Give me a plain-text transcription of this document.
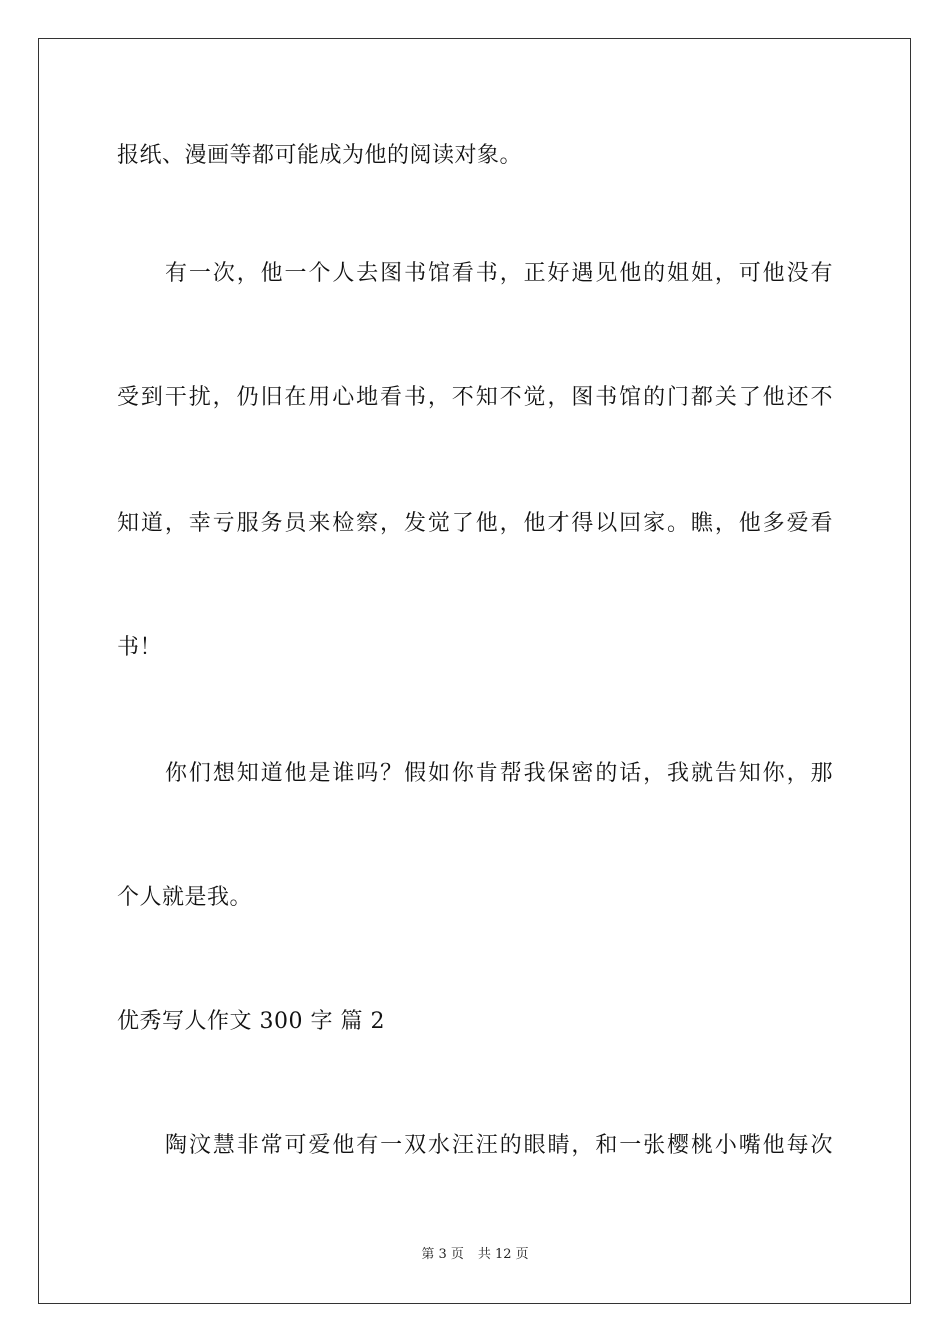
报纸、漫画等都可能成为他的阅读对象。
有一次，他一个人去图书馆看书，正好遇见他的姐姐，可他没有
受到干扰，仍旧在用心地看书，不知不觉，图书馆的门都关了他还不
知道，幸亏服务员来检察，发觉了他，他才得以回家。瞧，他多爱看
书！
你们想知道他是谁吗？假如你肯帮我保密的话，我就告知你，那
个人就是我。
优秀写人作文 300 字 篇 2
陶汶慧非常可爱他有一双水汪汪的眼睛，和一张樱桃小嘴他每次
第 3 页 共 12 页
